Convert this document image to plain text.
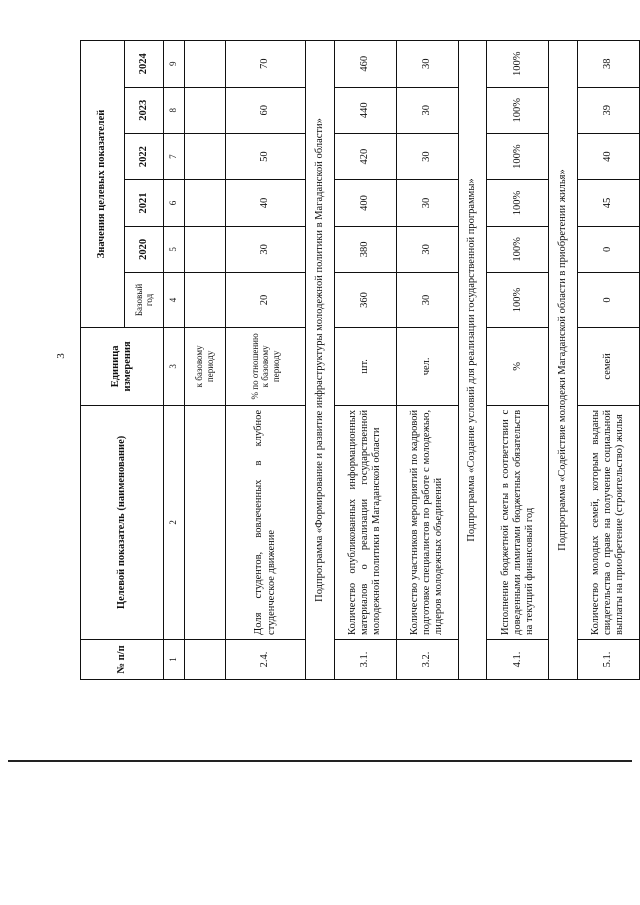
3
№ п/п	Целевой показатель (наименование)	Единица измерения	Значения целевых показателей					
			Базовый год	2020	2021	2022	2023	2024
1	2	3	4	5	6	7	8	9
		к базовому периоду						
2.4.	Доля студентов, вовлеченных в клубное студенческое движение	% по отношению к базовому периоду	20	30	40	50	60	70
Подпрограмма «Формирование и развитие инфраструктуры молодежной политики в Магаданской области»								
3.1.	Количество опубликованных информационных материалов о реализации государственной молодежной политики в Магаданской области	шт.	360	380	400	420	440	460
3.2.	Количество участников мероприятий по кадровой подготовке специалистов по работе с молодежью, лидеров молодежных объединений	чел.	30	30	30	30	30	30
Подпрограмма «Создание условий для реализации государственной программы»								
4.1.	Исполнение бюджетной сметы в соответствии с доведенными лимитами бюджетных обязательств на текущий финансовый год	%	100%	100%	100%	100%	100%	100%
Подпрограмма «Содействие молодежи Магаданской области в приобретении жилья»								
5.1.	Количество молодых семей, которым выданы свидетельства о праве на получение социальной выплаты на приобретение (строительство) жилья	семей	0	0	45	40	39	38
